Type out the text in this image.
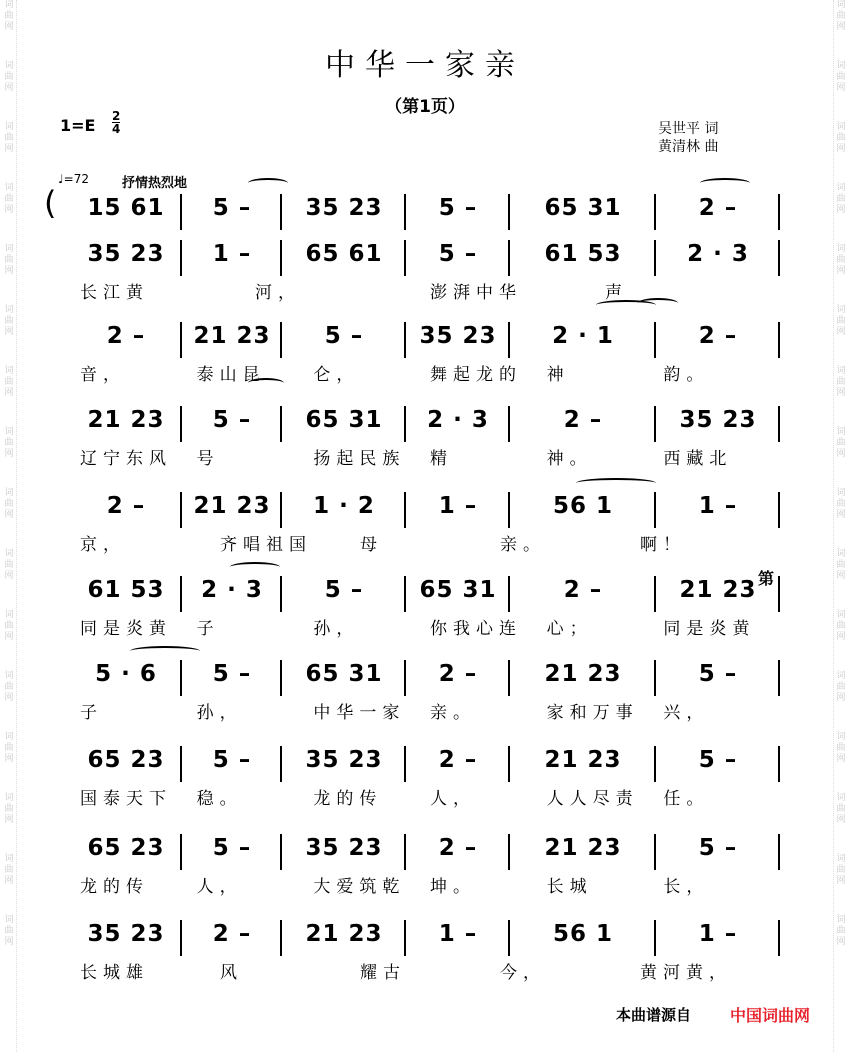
词
曲
网
词
曲
网
词
曲
网
词
曲
网
词
曲
网
词
曲
网
词
曲
网
词
曲
网
词
曲
网
词
曲
网
词
曲
网
词
曲
网
词
曲
网
词
曲
网
词
曲
网
词
曲
网
词
曲
网
词
曲
网
词
曲
网
词
曲
网
词
曲
网
词
曲
网
词
曲
网
词
曲
网
词
曲
网
词
曲
网
词
曲
网
词
曲
网
词
曲
网
词
曲
网
词
曲
网
词
曲
网
中华一家亲
（第1页）
1=E 2
4	吴世平 词
黄清林 曲
♩=72	抒情热烈地
15 61	5 –	35 23	5 –	65 31	2 –
35 23	1 –	65 61	5 –	61 53	2 · 3
长江黄	河，	澎湃中华	声
2 –	21 23	5 –	35 23	2 · 1	2 –
音，	泰山昆	仑，	舞起龙的 神	韵。
21 23	5 –	65 31	2 · 3	2 –	35 23
辽宁东风 号	扬起民族 精	神。	西藏北
2 –	21 23	1 · 2	1 –	56 1	1 –
京，	齐唱祖国	母	亲。	啊！
61 53	2 · 3	5 –	65 31	2 –	21 23
同是炎黄 子	孙，	你我心连 心；	同是炎黄
5 · 6	5 –	65 31	2 –	21 23	5 –
子	孙，	中华一家 亲。	家和万事 兴，
65 23	5 –	35 23	2 –	21 23	5 –
国泰天下 稳。	龙的传	人，	人人尽责 任。
65 23	5 –	35 23	2 –	21 23	5 –
龙的传	人，	大爱筑乾 坤。	长城	长，
35 23	2 –	21 23	1 –	56 1	1 –
长城雄	风	耀古	今，	黄河黄，
(
第
本曲谱源自 中国词曲网
